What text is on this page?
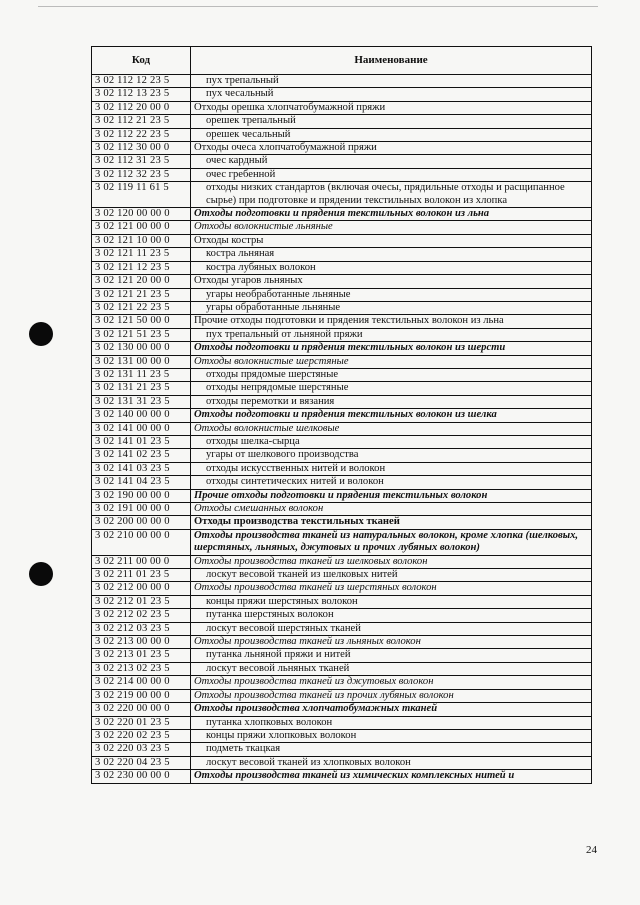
Код	Наименование
3 02 112 12 23 5	пух трепальный
3 02 112 13 23 5	пух чесальный
3 02 112 20 00 0	Отходы орешка хлопчатобумажной пряжи
3 02 112 21 23 5	орешек трепальный
3 02 112 22 23 5	орешек чесальный
3 02 112 30 00 0	Отходы очеса хлопчатобумажной пряжи
3 02 112 31 23 5	очес кардный
3 02 112 32 23 5	очес гребенной
3 02 119 11 61 5	отходы низких стандартов (включая очесы, прядильные отходы и расщипанное сырье) при подготовке и прядении текстильных волокон из хлопка
3 02 120 00 00 0	Отходы подготовки и прядения текстильных волокон из льна
3 02 121 00 00 0	Отходы волокнистые льняные
3 02 121 10 00 0	Отходы костры
3 02 121 11 23 5	костра льняная
3 02 121 12 23 5	костра лубяных волокон
3 02 121 20 00 0	Отходы угаров льняных
3 02 121 21 23 5	угары необработанные льняные
3 02 121 22 23 5	угары обработанные льняные
3 02 121 50 00 0	Прочие отходы подготовки и прядения текстильных волокон из льна
3 02 121 51 23 5	пух трепальный от льняной пряжи
3 02 130 00 00 0	Отходы подготовки и прядения текстильных волокон из шерсти
3 02 131 00 00 0	Отходы волокнистые шерстяные
3 02 131 11 23 5	отходы прядомые шерстяные
3 02 131 21 23 5	отходы непрядомые шерстяные
3 02 131 31 23 5	отходы перемотки и вязания
3 02 140 00 00 0	Отходы подготовки и прядения текстильных волокон из шелка
3 02 141 00 00 0	Отходы волокнистые шелковые
3 02 141 01 23 5	отходы шелка-сырца
3 02 141 02 23 5	угары от шелкового производства
3 02 141 03 23 5	отходы искусственных нитей и волокон
3 02 141 04 23 5	отходы синтетических нитей и волокон
3 02 190 00 00 0	Прочие отходы подготовки и прядения текстильных волокон
3 02 191 00 00 0	Отходы смешанных волокон
3 02 200 00 00 0	Отходы производства текстильных тканей
3 02 210 00 00 0	Отходы производства тканей из натуральных волокон, кроме хлопка (шелковых, шерстяных, льняных, джутовых и прочих лубяных волокон)
3 02 211 00 00 0	Отходы производства тканей из шелковых волокон
3 02 211 01 23 5	лоскут весовой тканей из шелковых нитей
3 02 212 00 00 0	Отходы производства тканей из шерстяных волокон
3 02 212 01 23 5	концы пряжи шерстяных волокон
3 02 212 02 23 5	путанка шерстяных волокон
3 02 212 03 23 5	лоскут весовой шерстяных тканей
3 02 213 00 00 0	Отходы производства тканей из льняных волокон
3 02 213 01 23 5	путанка льняной пряжи и нитей
3 02 213 02 23 5	лоскут весовой льняных тканей
3 02 214 00 00 0	Отходы производства тканей из джутовых волокон
3 02 219 00 00 0	Отходы производства тканей из прочих лубяных волокон
3 02 220 00 00 0	Отходы производства хлопчатобумажных тканей
3 02 220 01 23 5	путанка хлопковых волокон
3 02 220 02 23 5	концы пряжи хлопковых волокон
3 02 220 03 23 5	подметь ткацкая
3 02 220 04 23 5	лоскут весовой тканей из хлопковых волокон
3 02 230 00 00 0	Отходы производства тканей из химических комплексных нитей и
24
